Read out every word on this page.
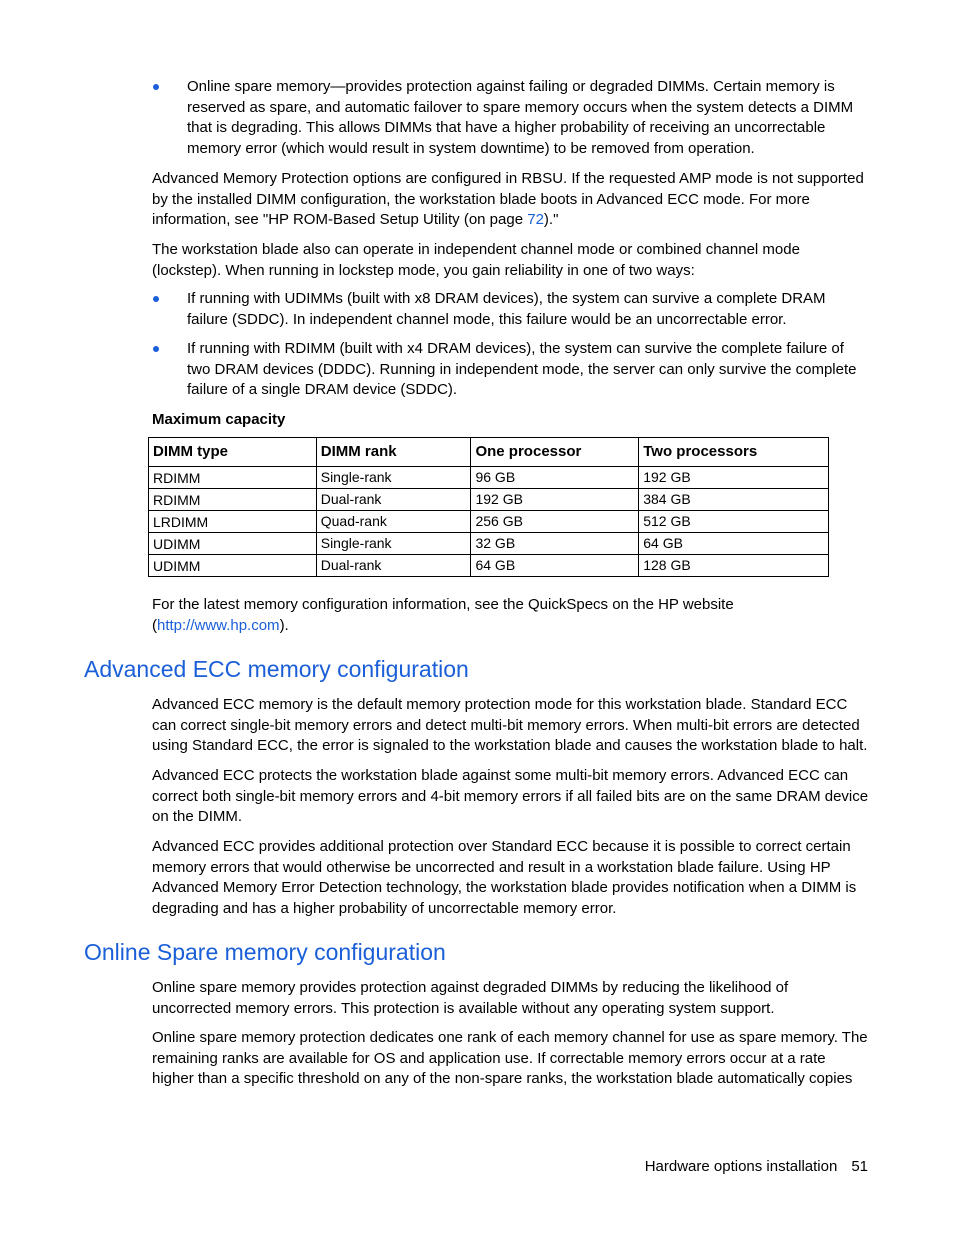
Online spare memory—provides protection against failing or degraded DIMMs. Certain memory is reserved as spare, and automatic failover to spare memory occurs when the system detects a DIMM that is degrading. This allows DIMMs that have a higher probability of receiving an uncorrectable memory error (which would result in system downtime) to be removed from operation.

Advanced Memory Protection options are configured in RBSU. If the requested AMP mode is not supported by the installed DIMM configuration, the workstation blade boots in Advanced ECC mode. For more information, see "HP ROM-Based Setup Utility (on page 72)."

The workstation blade also can operate in independent channel mode or combined channel mode (lockstep). When running in lockstep mode, you gain reliability in one of two ways:

If running with UDIMMs (built with x8 DRAM devices), the system can survive a complete DRAM failure (SDDC). In independent channel mode, this failure would be an uncorrectable error.

If running with RDIMM (built with x4 DRAM devices), the system can survive the complete failure of two DRAM devices (DDDC). Running in independent mode, the server can only survive the complete failure of a single DRAM device (SDDC).

Maximum capacity

DIMM type	DIMM rank	One processor	Two processors
RDIMM	Single-rank	96 GB	192 GB
RDIMM	Dual-rank	192 GB	384 GB
LRDIMM	Quad-rank	256 GB	512 GB
UDIMM	Single-rank	32 GB	64 GB
UDIMM	Dual-rank	64 GB	128 GB

For the latest memory configuration information, see the QuickSpecs on the HP website (http://www.hp.com).

Advanced ECC memory configuration

Advanced ECC memory is the default memory protection mode for this workstation blade. Standard ECC can correct single-bit memory errors and detect multi-bit memory errors. When multi-bit errors are detected using Standard ECC, the error is signaled to the workstation blade and causes the workstation blade to halt.

Advanced ECC protects the workstation blade against some multi-bit memory errors. Advanced ECC can correct both single-bit memory errors and 4-bit memory errors if all failed bits are on the same DRAM device on the DIMM.

Advanced ECC provides additional protection over Standard ECC because it is possible to correct certain memory errors that would otherwise be uncorrected and result in a workstation blade failure. Using HP Advanced Memory Error Detection technology, the workstation blade provides notification when a DIMM is degrading and has a higher probability of uncorrectable memory error.

Online Spare memory configuration

Online spare memory provides protection against degraded DIMMs by reducing the likelihood of uncorrected memory errors. This protection is available without any operating system support.

Online spare memory protection dedicates one rank of each memory channel for use as spare memory. The remaining ranks are available for OS and application use. If correctable memory errors occur at a rate higher than a specific threshold on any of the non-spare ranks, the workstation blade automatically copies

Hardware options installation 51
